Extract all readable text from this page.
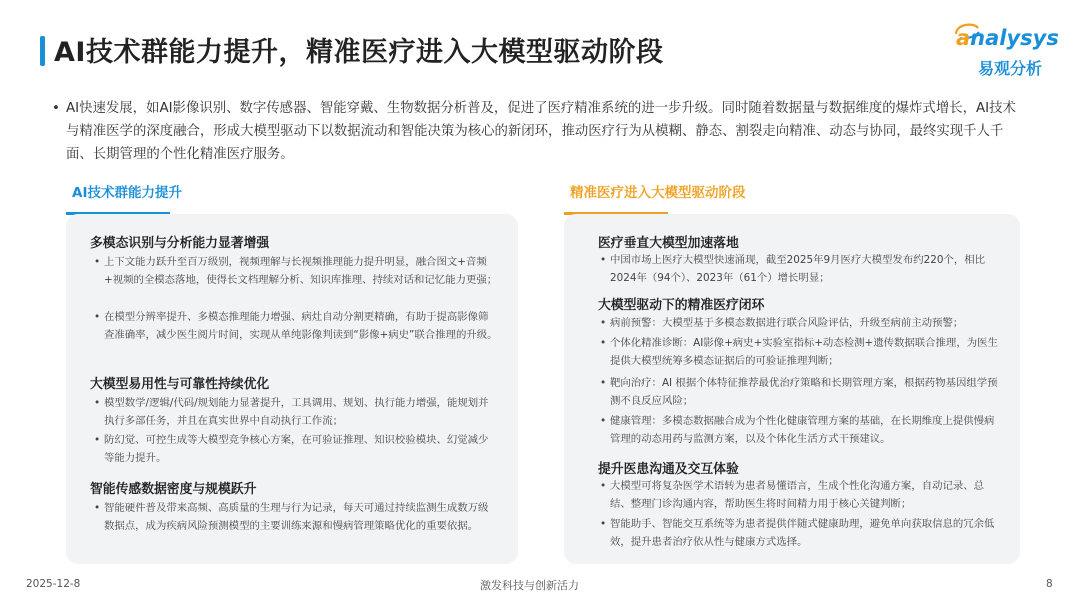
AI技术群能力提升，精准医疗进入大模型驱动阶段	analysys
易观分析
• AI快速发展，如AI影像识别、数字传感器、智能穿戴、生物数据分析普及，促进了医疗精准系统的进一步升级。同时随着数据量与数据维度的爆炸式增长，AI技术与精准医学的深度融合，形成大模型驱动下以数据流动和智能决策为核心的新闭环，推动医疗行为从模糊、静态、割裂走向精准、动态与协同，最终实现千人千面、长期管理的个性化精准医疗服务。
AI技术群能力提升	精准医疗进入大模型驱动阶段
多模态识别与分析能力显著增强
• 上下文能力跃升至百万级别，视频理解与长视频推理能力提升明显，融合图文+音频+视频的全模态落地，使得长文档理解分析、知识库推理、持续对话和记忆能力更强；
• 在模型分辨率提升、多模态推理能力增强、病灶自动分割更精确，有助于提高影像筛查准确率，减少医生阅片时间，实现从单纯影像判读到“影像+病史”联合推理的升级。
大模型易用性与可靠性持续优化
• 模型数学/逻辑/代码/规划能力显著提升，工具调用、规划、执行能力增强，能规划并执行多部任务，并且在真实世界中自动执行工作流；
• 防幻觉、可控生成等大模型竞争核心方案，在可验证推理、知识校验模块、幻觉减少等能力提升。
智能传感数据密度与规模跃升
• 智能硬件普及带来高频、高质量的生理与行为记录，每天可通过持续监测生成数万级数据点，成为疾病风险预测模型的主要训练来源和慢病管理策略优化的重要依据。
医疗垂直大模型加速落地
• 中国市场上医疗大模型快速涌现，截至2025年9月医疗大模型发布约220个，相比2024年（94个）、2023年（61个）增长明显；
大模型驱动下的精准医疗闭环
• 病前预警：大模型基于多模态数据进行联合风险评估，升级至病前主动预警；
• 个体化精准诊断：AI影像+病史+实验室指标+动态检测+遗传数据联合推理，为医生提供大模型统筹多模态证据后的可验证推理判断；
• 靶向治疗：AI 根据个体特征推荐最优治疗策略和长期管理方案，根据药物基因组学预测不良反应风险；
• 健康管理：多模态数据融合成为个性化健康管理方案的基础，在长期维度上提供慢病管理的动态用药与监测方案，以及个体化生活方式干预建议。
提升医患沟通及交互体验
• 大模型可将复杂医学术语转为患者易懂语言，生成个性化沟通方案，自动记录、总结、整理门诊沟通内容，帮助医生将时间精力用于核心关键判断；
• 智能助手、智能交互系统等为患者提供伴随式健康助理，避免单向获取信息的冗余低效，提升患者治疗依从性与健康方式选择。
2025-12-8	激发科技与创新活力	8
